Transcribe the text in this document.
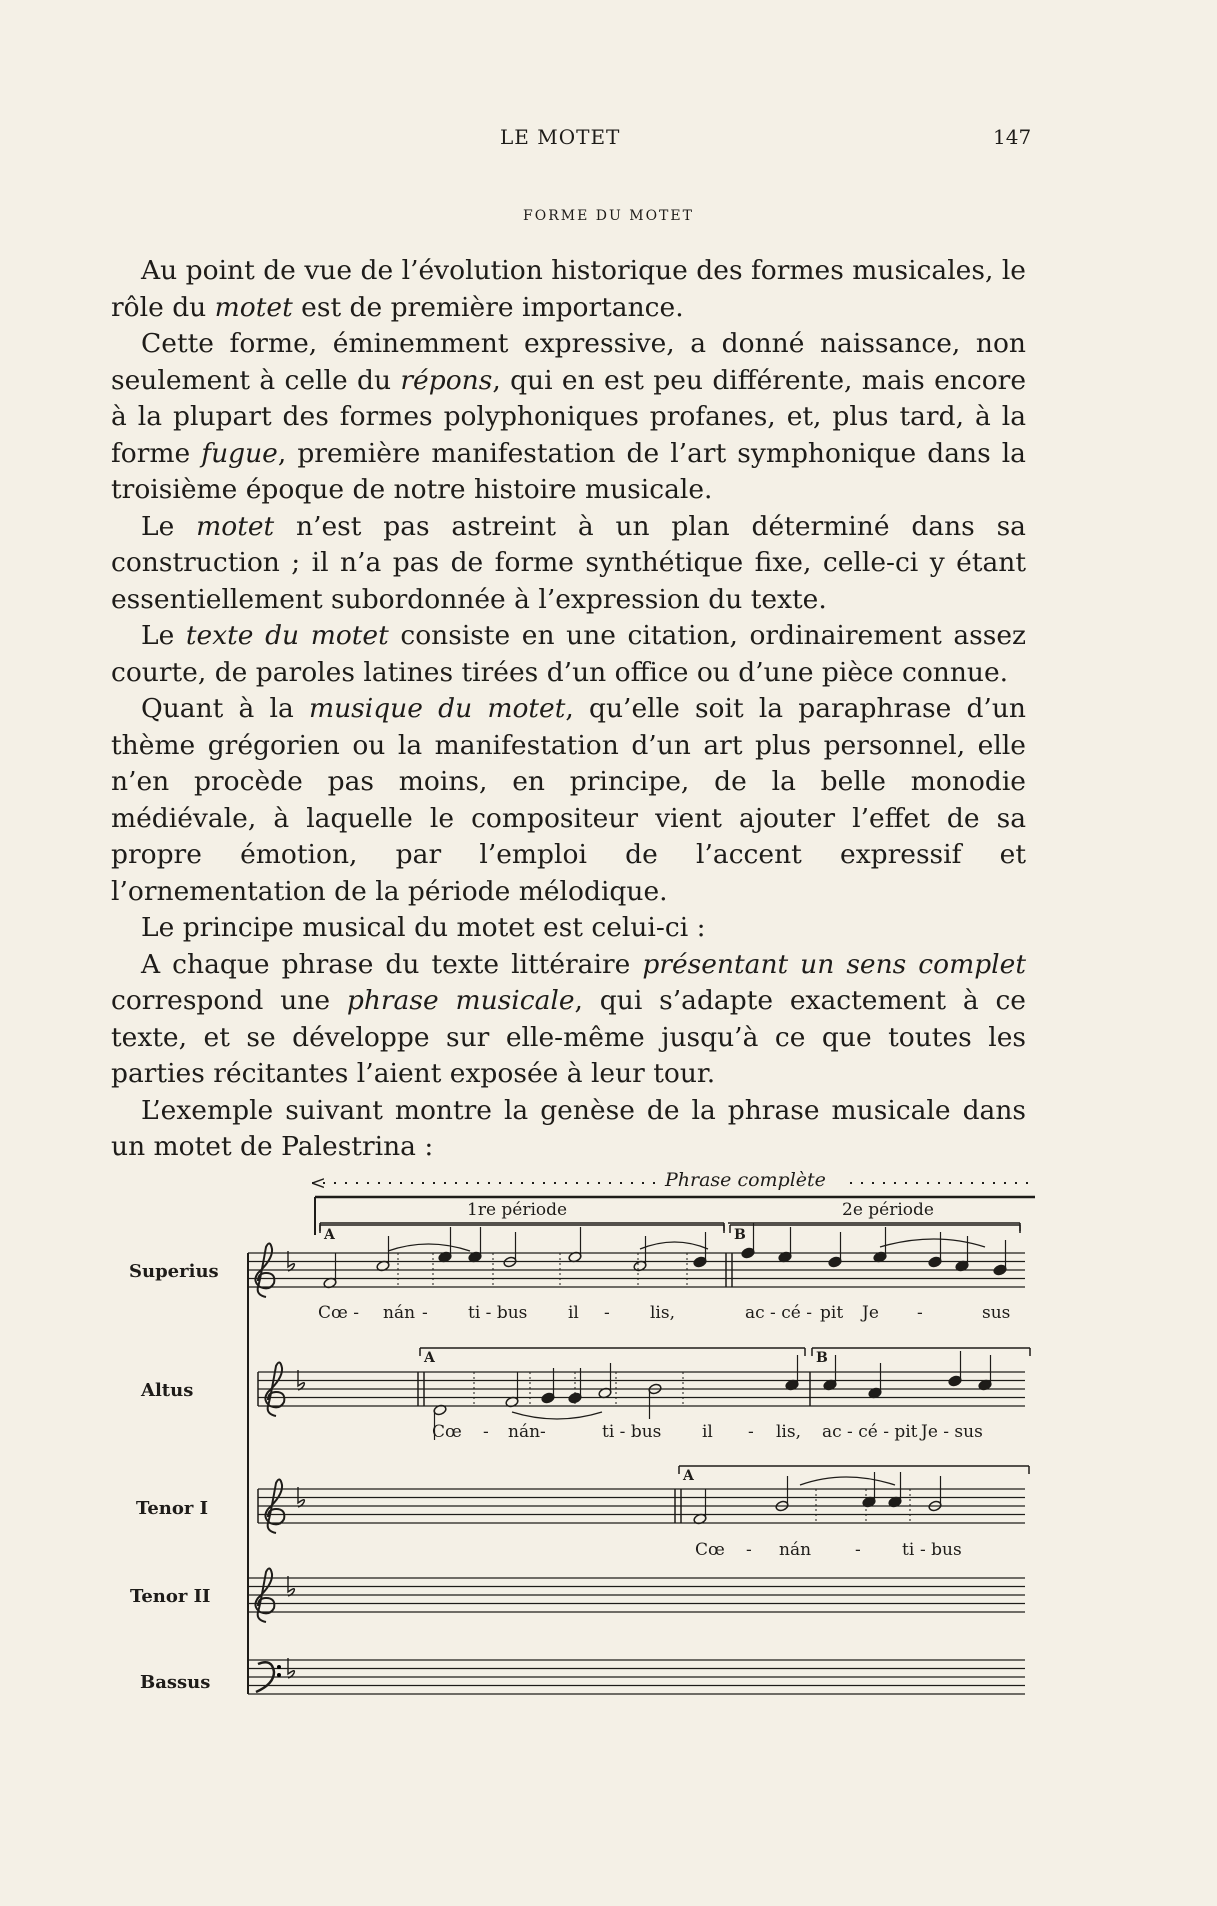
LE MOTET	147
FORME DU MOTET

Au point de vue de l’évolution historique des formes musicales, le rôle du motet est de première importance.

Cette forme, éminemment expressive, a donné naissance, non seulement à celle du répons, qui en est peu différente, mais encore à la plupart des formes polyphoniques profanes, et, plus tard, à la forme fugue, première manifestation de l’art symphonique dans la troisième époque de notre histoire musicale.

Le motet n’est pas astreint à un plan déterminé dans sa construction ; il n’a pas de forme synthétique fixe, celle-ci y étant essentiellement subordonnée à l’expression du texte.

Le texte du motet consiste en une citation, ordinairement assez courte, de paroles latines tirées d’un office ou d’une pièce connue.

Quant à la musique du motet, qu’elle soit la paraphrase d’un thème grégorien ou la manifestation d’un art plus personnel, elle n’en procède pas moins, en principe, de la belle monodie médiévale, à laquelle le compositeur vient ajouter l’effet de sa propre émotion, par l’emploi de l’accent expressif et l’ornementation de la période mélodique.

Le principe musical du motet est celui-ci :

A chaque phrase du texte littéraire présentant un sens complet correspond une phrase musicale, qui s’adapte exactement à ce texte, et se développe sur elle-même jusqu’à ce que toutes les parties récitantes l’aient exposée à leur tour.

L’exemple suivant montre la genèse de la phrase musicale dans un motet de Palestrina :

<	Phrase complète
1re période	2e période
Superius
Altus
Tenor I
Tenor II
Bassus
A	B
A	B
A
Cœ - nán - ti - bus il - lis,	ac - cé - pit Je -	sus
Cœ - nán -	ti - bus il - lis, ac - cé - pit Je - sus
Cœ - nán	- ti - bus
